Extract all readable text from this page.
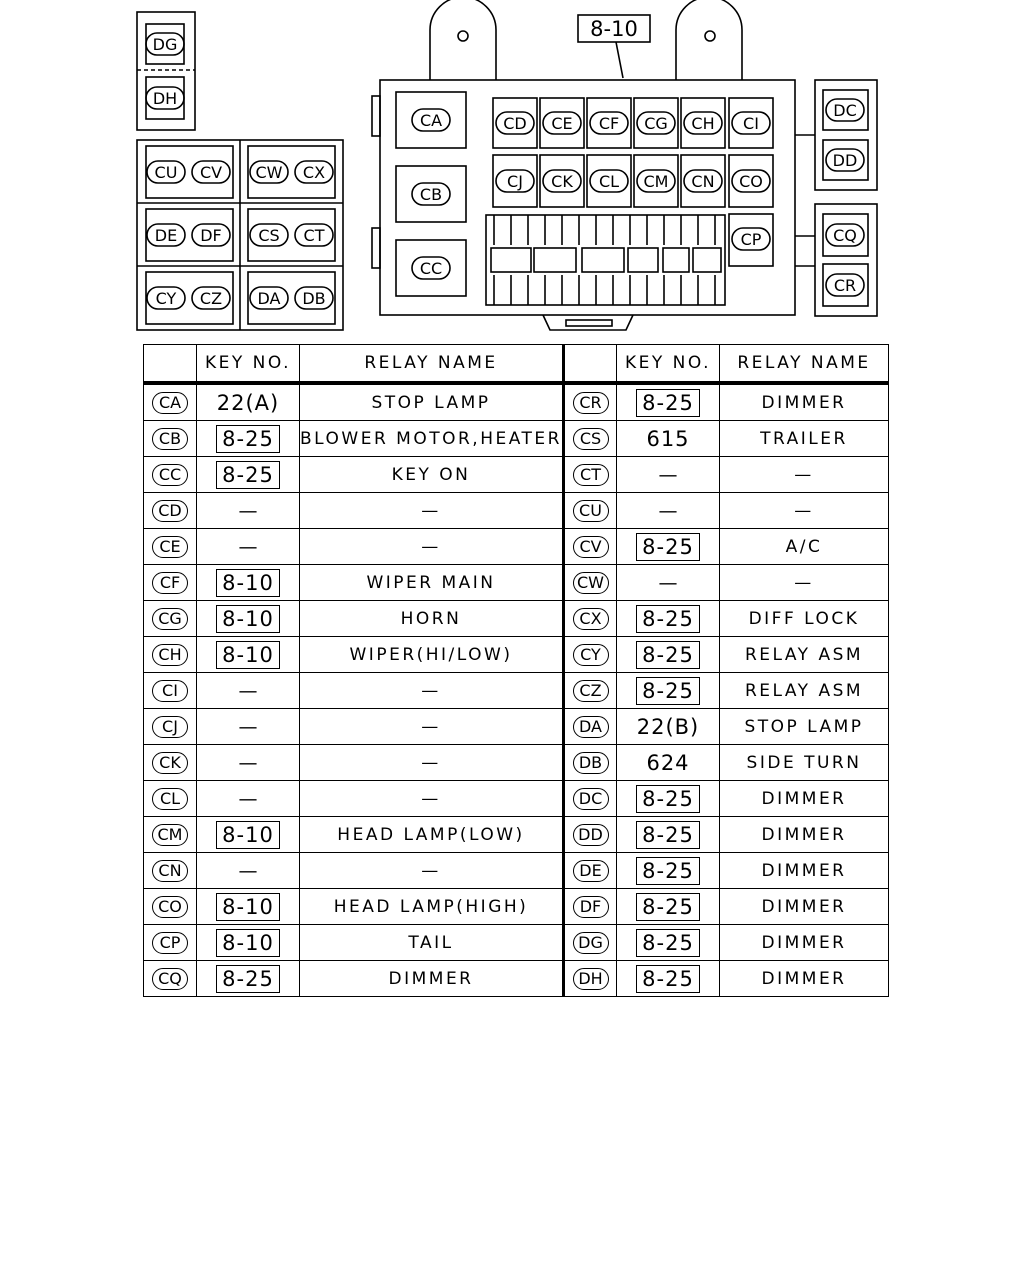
DG
DH
CU CV CW CX
DE DF CS CT
CY CZ DA DB
8-10
CA
CB
CC
CD CE CF CG CH CI
CJ CK CL CM CN CO
CP
DC
DD
CQ
CR
	KEY NO.	RELAY NAME		KEY NO.	RELAY NAME
CA	22(A)	STOP LAMP	CR	8-25	DIMMER
CB	8-25	BLOWER MOTOR,HEATER	CS	615	TRAILER
CC	8-25	KEY ON	CT	—	—
CD	—	—	CU	—	—
CE	—	—	CV	8-25	A/C
CF	8-10	WIPER MAIN	CW	—	—
CG	8-10	HORN	CX	8-25	DIFF LOCK
CH	8-10	WIPER(HI/LOW)	CY	8-25	RELAY ASM
CI	—	—	CZ	8-25	RELAY ASM
CJ	—	—	DA	22(B)	STOP LAMP
CK	—	—	DB	624	SIDE TURN
CL	—	—	DC	8-25	DIMMER
CM	8-10	HEAD LAMP(LOW)	DD	8-25	DIMMER
CN	—	—	DE	8-25	DIMMER
CO	8-10	HEAD LAMP(HIGH)	DF	8-25	DIMMER
CP	8-10	TAIL	DG	8-25	DIMMER
CQ	8-25	DIMMER	DH	8-25	DIMMER
